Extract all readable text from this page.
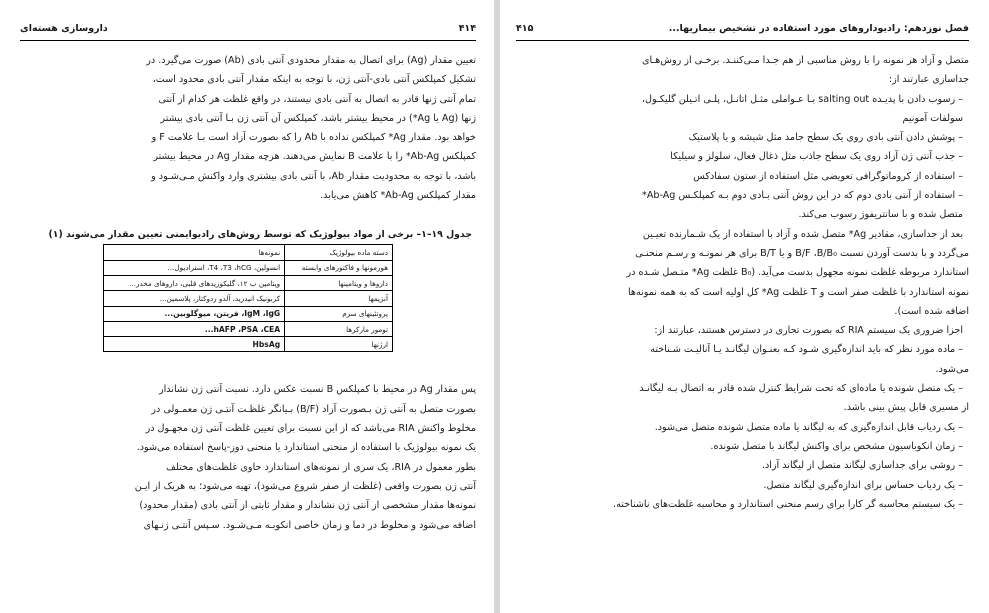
۴۱۴
داروسازی هسته‌ای

تعیین مقدار (Ag) برای اتصال به مقدار محدودی آنتی بادی (Ab) صورت می‌گیرد. در

تشکیل کمپلکس آنتی بادی-آنتی ژن، با توجه به اینکه مقدار آنتی بادی محدود است،

تمام آنتی ژنها قادر به اتصال به آنتی بادی نیستند، در واقع غلظت هر کدام از آنتی

ژنها (Ag یا Ag*) در محیط بیشتر باشد، کمپلکس آن آنتی ژن بـا آنتی بادی بیشتر

خواهد بود. مقدار Ag* کمپلکس نداده با Ab را که بصورت آزاد است بـا علامت F و

کمپلکس Ab-Ag* را با علامت B نمایش می‌دهند. هرچه مقدار Ag در محیط بیشتر

باشد، با توجه به محدودیت مقدار Ab، با آنتی بادی بیشتری وارد واکنش مـی‌شـود و

مقدار کمپلکس Ab-Ag* کاهش می‌یابد.

جدول ۱۹–۱– برخی از مواد بیولوژیک که توسط روش‌های رادیوایمنی تعیین مقدار می‌شوند (۱)
دسته ماده بیولوژیک	نمونه‌ها
هورمونها و فاکتورهای وابسته	انسولین، T4 ،T3 ،hCG، استرادیول...
داروها و ویتامینها	ویتامین ب ۱۲، گلیکوزیدهای قلبی، داروهای مخدر...
آنزیمها	کربونیک انیدرید، آلدو ردوکتاز، پلاسمین...
پروتئینهای سرم	IgM ،IgG، فریتن، میوگلوبین...
تومور مارکرها	hAFP ،PSA ،CEA...
ارژنها	HbsAg

پس مقدار Ag در محیط با کمپلکس B نسبت عکس دارد. نسبت آنتی ژن نشاندار

بصورت متصل به آنتی ژن بـصورت آزاد (B/F) بـیانگر غلظـت آنتـی ژن معمـولی در

مخلوط واکنش RIA می‌باشد که از این نسبت برای تعیین غلظت آنتی ژن مجهـول در

یک نمونه بیولوژیک با استفاده از منحنی استاندارد یا منحنی دوز-پاسخ استفاده می‌شود.

بطور معمول در RIA، یک سری از نمونه‌های استاندارد حاوی غلظت‌های مختلف

آنتی ژن بصورت واقعی (غلظت از صفر شروع می‌شود)، تهیه می‌شود؛ به هریک از ایـن

نمونه‌ها مقدار مشخصی از آنتی ژن نشاندار و مقدار ثابتی از آنتی بادی (مقدار محدود)

اضافه می‌شود و مخلوط در دما و زمان خاصی انکوبـه مـی‌شـود. سـپس آنتـی ژنـهای

فصل نوزدهم: رادیوداروهای مورد استفاده در تشخیص بیماریها...
۴۱۵

متصل و آزاد هر نمونه را با روش مناسبی از هم جـدا مـی‌کننـد. برخـی از روش‌هـای

جداسازی عبارتند از:

– رسوب دادن با پدیـده salting out بـا عـواملی مثـل اتانـل، پلـی اتـیلن گلیکـول،

سولفات آمونیم

– پوشش دادن آنتی بادی روی یک سطح جامد مثل شیشه و یا پلاستیک

– جذب آنتی ژن آزاد روی یک سطح جاذب مثل ذغال فعال، سلولز و سیلیکا

– استفاده از کروماتوگرافی تعویضی مثل استفاده از ستون سفادکس

– استفاده از آنتی بادی دوم که در این روش آنتی بـادی دوم بـه کمپلکـس Ab-Ag*

متصل شده و با سانتریفوژ رسوب می‌کند.

بعد از جداسازی، مقادیر Ag* متصل شده و آزاد با استفاده از یک شـمارنده تعیـین

می‌گردد و با بدست آوردن نسبت B/F ،B/B₀ و یا B/T برای هر نمونـه و رسـم منحنـی

استاندارد مربوطه غلظت نمونه مجهول بدست می‌آید. (B₀ غلظت Ag* متـصل شـده در

نمونه استاندارد با غلظت صفر است و T غلظت Ag* کل اولیه است که به همه نمونه‌ها

اضافه شده است).

اجزا ضروری یک سیستم RIA که بصورت تجاری در دسترس هستند، عبارتند از:

– ماده مورد نظر که باید اندازه‌گیری شـود کـه بعنـوان لیگانـد یـا آنالیـت شـناخته

می‌شود.

– یک متصل شونده یا ماده‌ای که تحت شرایط کنترل شده قادر به اتصال بـه لیگانـد

از مسیری قابل پیش بینی باشد.

– یک ردیاب قابل اندازه‌گیری که به لیگاند یا ماده متصل شونده متصل می‌شود.

– زمان انکوباسیون مشخص برای واکنش لیگاند با متصل شونده.

– روشی برای جداسازی لیگاند متصل از لیگاند آزاد.

– یک ردیاب حساس برای اندازه‌گیری لیگاند متصل.

– یک سیستم محاسبه گر کارا برای رسم منحنی استاندارد و محاسبه غلظت‌های ناشناخته.
